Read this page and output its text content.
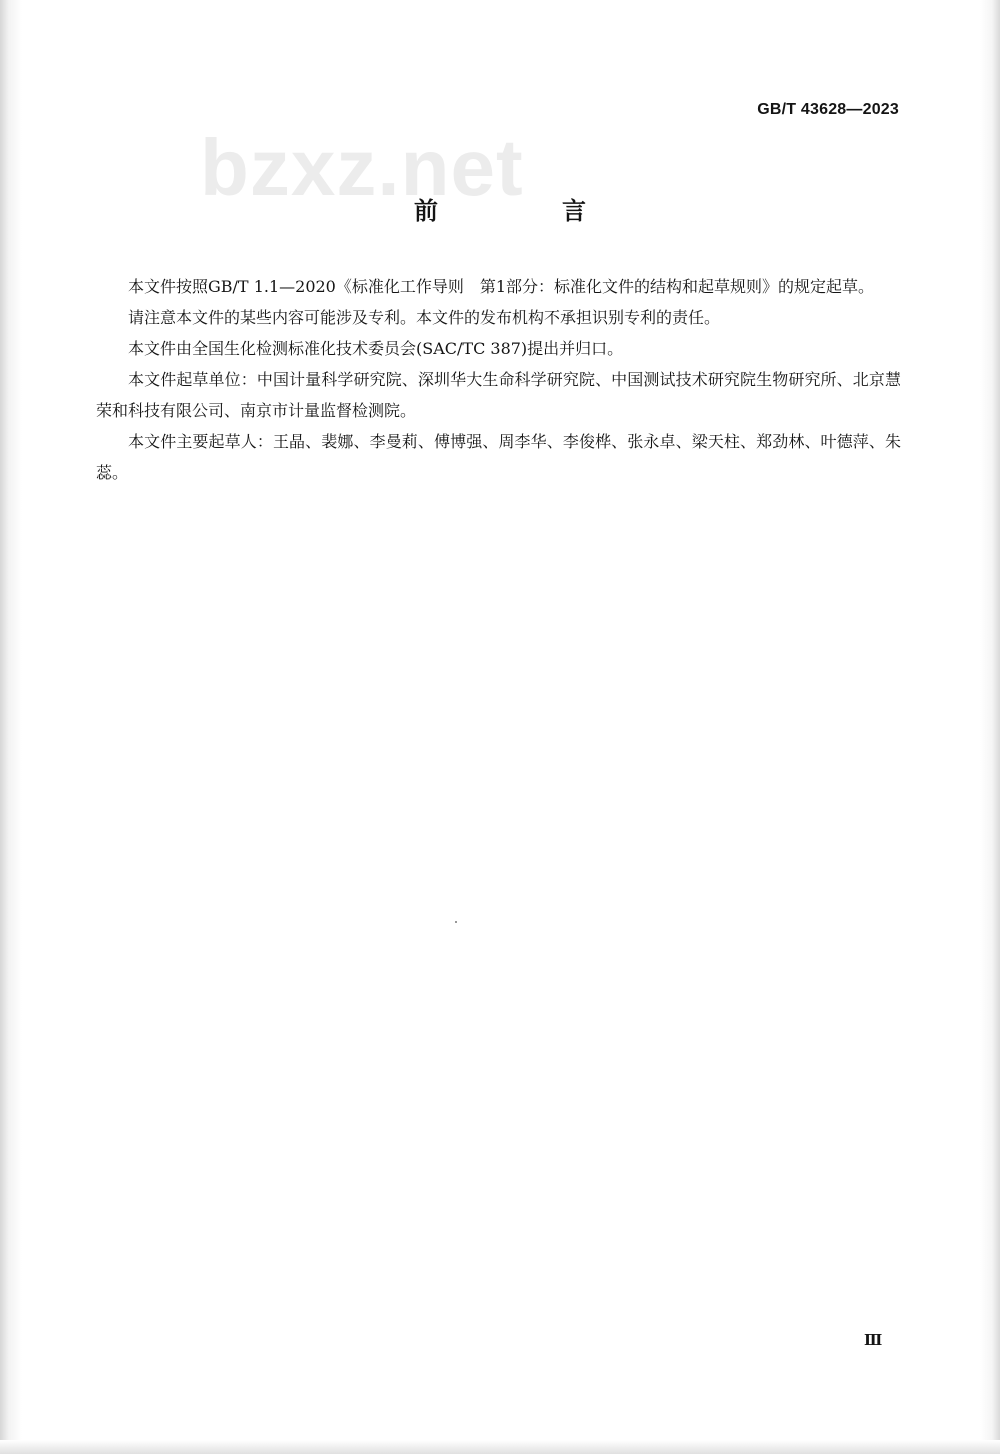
bzxz.net
GB/T 43628—2023
前　言

本文件按照GB/T 1.1—2020《标准化工作导则　第1部分：标准化文件的结构和起草规则》的规定起草。

请注意本文件的某些内容可能涉及专利。本文件的发布机构不承担识别专利的责任。

本文件由全国生化检测标准化技术委员会(SAC/TC 387)提出并归口。

本文件起草单位：中国计量科学研究院、深圳华大生命科学研究院、中国测试技术研究院生物研究所、北京慧荣和科技有限公司、南京市计量监督检测院。

本文件主要起草人：王晶、裴娜、李曼莉、傅博强、周李华、李俊桦、张永卓、梁天柱、郑劲林、叶德萍、朱蕊。

Ⅲ
